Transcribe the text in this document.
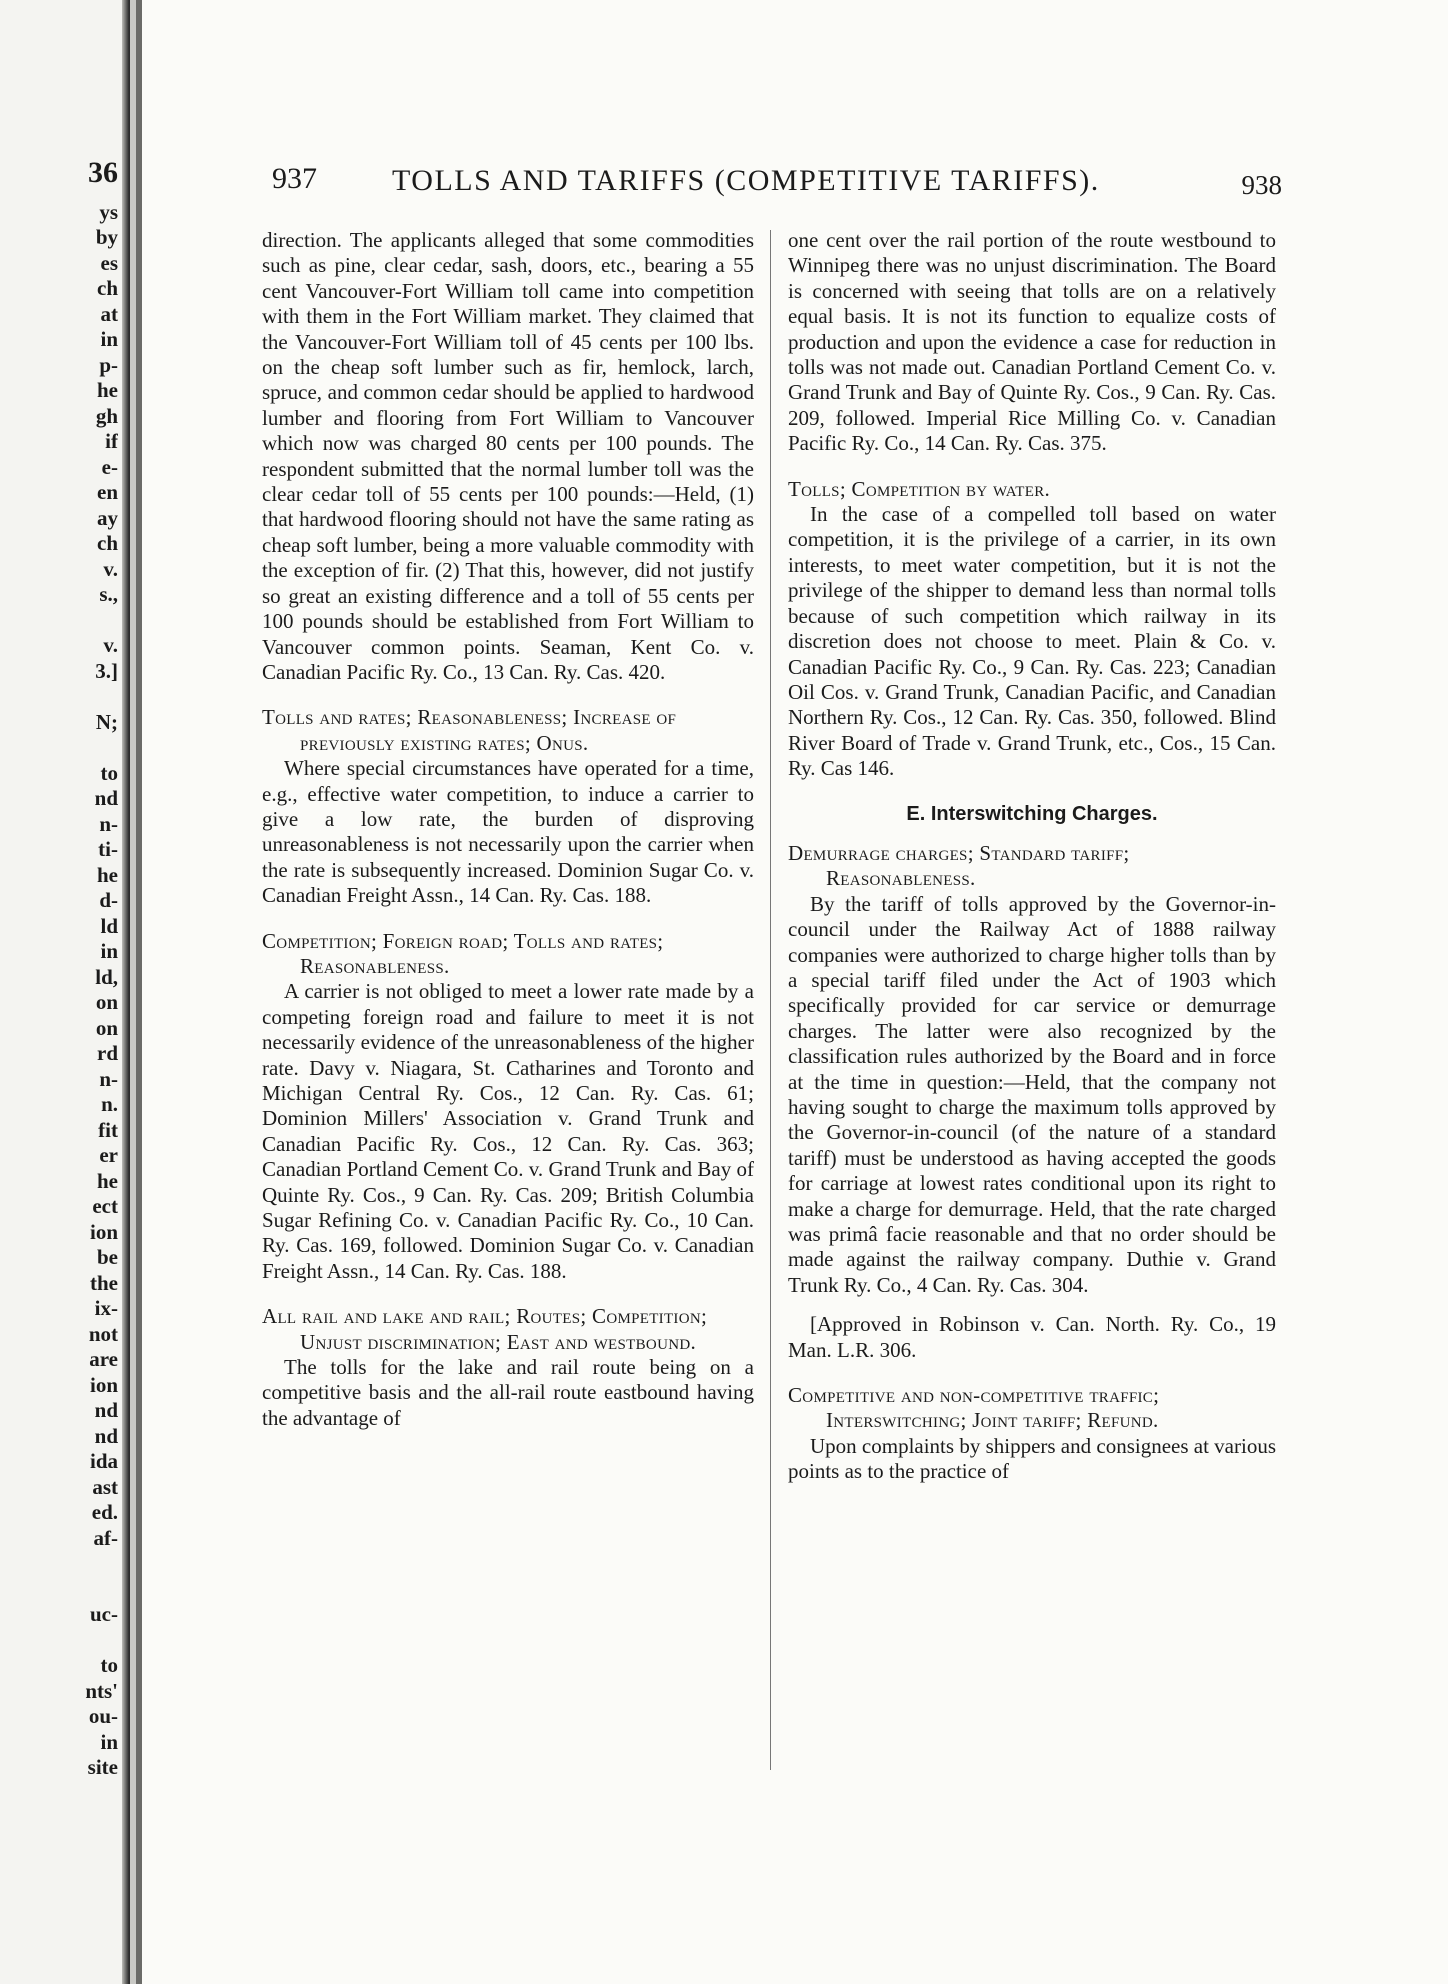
36
ys
by
es
ch
at
in
p-
he
gh
if
e-
en
ay
ch
v.
s.,

v.
3.]

N;

to
nd
n-
ti-
he
d-
ld
in
ld,
on
on
rd
n-
n.
fit
er
he
ect
ion
be
the
ix-
not
are
ion
nd
nd
ida
ast
ed.
af-

uc-

to
nts'
ou-
in
site
937	TOLLS AND TARIFFS (COMPETITIVE TARIFFS).	938

direction. The applicants alleged that some commodities such as pine, clear cedar, sash, doors, etc., bearing a 55 cent Vancouver-Fort William toll came into competition with them in the Fort William market. They claimed that the Vancouver-Fort William toll of 45 cents per 100 lbs. on the cheap soft lumber such as fir, hemlock, larch, spruce, and common cedar should be applied to hardwood lumber and flooring from Fort William to Vancouver which now was charged 80 cents per 100 pounds. The respondent submitted that the normal lumber toll was the clear cedar toll of 55 cents per 100 pounds:—Held, (1) that hardwood flooring should not have the same rating as cheap soft lumber, being a more valuable commodity with the exception of fir. (2) That this, however, did not justify so great an existing difference and a toll of 55 cents per 100 pounds should be established from Fort William to Vancouver common points. Seaman, Kent Co. v. Canadian Pacific Ry. Co., 13 Can. Ry. Cas. 420.

Tolls and rates; Reasonableness; Increase of previously existing rates; Onus.

Where special circumstances have operated for a time, e.g., effective water competition, to induce a carrier to give a low rate, the burden of disproving unreasonableness is not necessarily upon the carrier when the rate is subsequently increased. Dominion Sugar Co. v. Canadian Freight Assn., 14 Can. Ry. Cas. 188.

Competition; Foreign road; Tolls and rates; Reasonableness.

A carrier is not obliged to meet a lower rate made by a competing foreign road and failure to meet it is not necessarily evidence of the unreasonableness of the higher rate. Davy v. Niagara, St. Catharines and Toronto and Michigan Central Ry. Cos., 12 Can. Ry. Cas. 61; Dominion Millers' Association v. Grand Trunk and Canadian Pacific Ry. Cos., 12 Can. Ry. Cas. 363; Canadian Portland Cement Co. v. Grand Trunk and Bay of Quinte Ry. Cos., 9 Can. Ry. Cas. 209; British Columbia Sugar Refining Co. v. Canadian Pacific Ry. Co., 10 Can. Ry. Cas. 169, followed. Dominion Sugar Co. v. Canadian Freight Assn., 14 Can. Ry. Cas. 188.

All rail and lake and rail; Routes; Competition; Unjust discrimination; East and westbound.

The tolls for the lake and rail route being on a competitive basis and the all-rail route eastbound having the advantage of

one cent over the rail portion of the route westbound to Winnipeg there was no unjust discrimination. The Board is concerned with seeing that tolls are on a relatively equal basis. It is not its function to equalize costs of production and upon the evidence a case for reduction in tolls was not made out. Canadian Portland Cement Co. v. Grand Trunk and Bay of Quinte Ry. Cos., 9 Can. Ry. Cas. 209, followed. Imperial Rice Milling Co. v. Canadian Pacific Ry. Co., 14 Can. Ry. Cas. 375.

Tolls; Competition by water.

In the case of a compelled toll based on water competition, it is the privilege of a carrier, in its own interests, to meet water competition, but it is not the privilege of the shipper to demand less than normal tolls because of such competition which railway in its discretion does not choose to meet. Plain & Co. v. Canadian Pacific Ry. Co., 9 Can. Ry. Cas. 223; Canadian Oil Cos. v. Grand Trunk, Canadian Pacific, and Canadian Northern Ry. Cos., 12 Can. Ry. Cas. 350, followed. Blind River Board of Trade v. Grand Trunk, etc., Cos., 15 Can. Ry. Cas 146.

E. Interswitching Charges.

Demurrage charges; Standard tariff; Reasonableness.

By the tariff of tolls approved by the Governor-in-council under the Railway Act of 1888 railway companies were authorized to charge higher tolls than by a special tariff filed under the Act of 1903 which specifically provided for car service or demurrage charges. The latter were also recognized by the classification rules authorized by the Board and in force at the time in question:—Held, that the company not having sought to charge the maximum tolls approved by the Governor-in-council (of the nature of a standard tariff) must be understood as having accepted the goods for carriage at lowest rates conditional upon its right to make a charge for demurrage. Held, that the rate charged was primâ facie reasonable and that no order should be made against the railway company. Duthie v. Grand Trunk Ry. Co., 4 Can. Ry. Cas. 304.

[Approved in Robinson v. Can. North. Ry. Co., 19 Man. L.R. 306.

Competitive and non-competitive traffic; Interswitching; Joint tariff; Refund.

Upon complaints by shippers and consignees at various points as to the practice of
